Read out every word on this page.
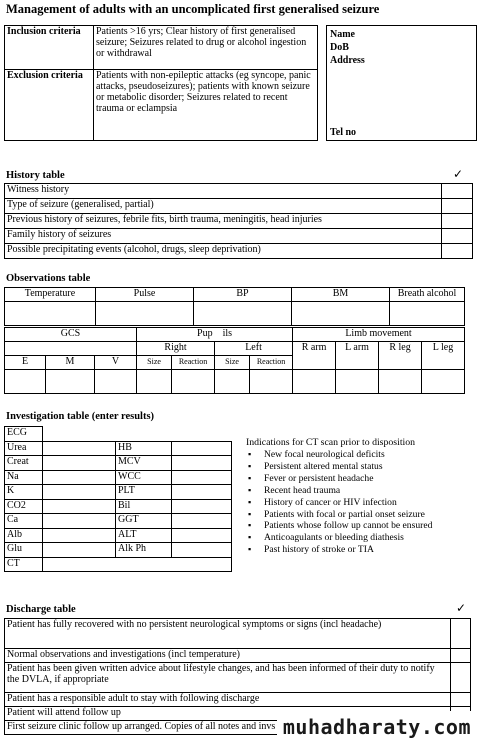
Management of adults with an uncomplicated first generalised seizure
Inclusion criteria	Patients >16 yrs; Clear history of first generalised seizure; Seizures related to drug or alcohol ingestion or withdrawal
Exclusion criteria	Patients with non-epileptic attacks (eg syncope, panic attacks, pseudoseizures); patients with known seizure or metabolic disorder; Seizures related to recent trauma or eclampsia
Name
DoB
Address
Tel no
History table	✓
Witness history	
Type of seizure (generalised, partial)	
Previous history of seizures, febrile fits, birth trauma, meningitis, head injuries	
Family history of seizures	
Possible precipitating events (alcohol, drugs, sleep deprivation)	
Observations table
Temperature	Pulse	BP	BM	Breath alcohol

GCS			Pup    ils				Limb movement			
			Right		Left		R arm	L arm	R leg	L leg
E	M	V	Size	Reaction	Size	Reaction				

Investigation table (enter results)
ECG			
Urea		HB	
Creat		MCV	
Na		WCC	
K		PLT	
CO2		Bil	
Ca		GGT	
Alb		ALT	
Glu		Alk Ph	
CT			
Indications for CT scan prior to disposition
▪ New focal neurological deficits
▪ Persistent altered mental status
▪ Fever or persistent headache
▪ Recent head trauma
▪ History of cancer or HIV infection
▪ Patients with focal or partial onset seizure
▪ Patients whose follow up cannot be ensured
▪ Anticoagulants or bleeding diathesis
▪ Past history of stroke or TIA
Discharge table	✓
Patient has fully recovered with no persistent neurological symptoms or signs (incl headache)	
Normal observations and investigations (incl temperature)	
Patient has been given written advice about lifestyle changes, and has been informed of their duty to notify the DVLA, if appropriate	
Patient has a responsible adult to stay with following discharge	
Patient will attend follow up	
First seizure clinic follow up arranged. Copies of all notes and invs	muhadharaty.com
